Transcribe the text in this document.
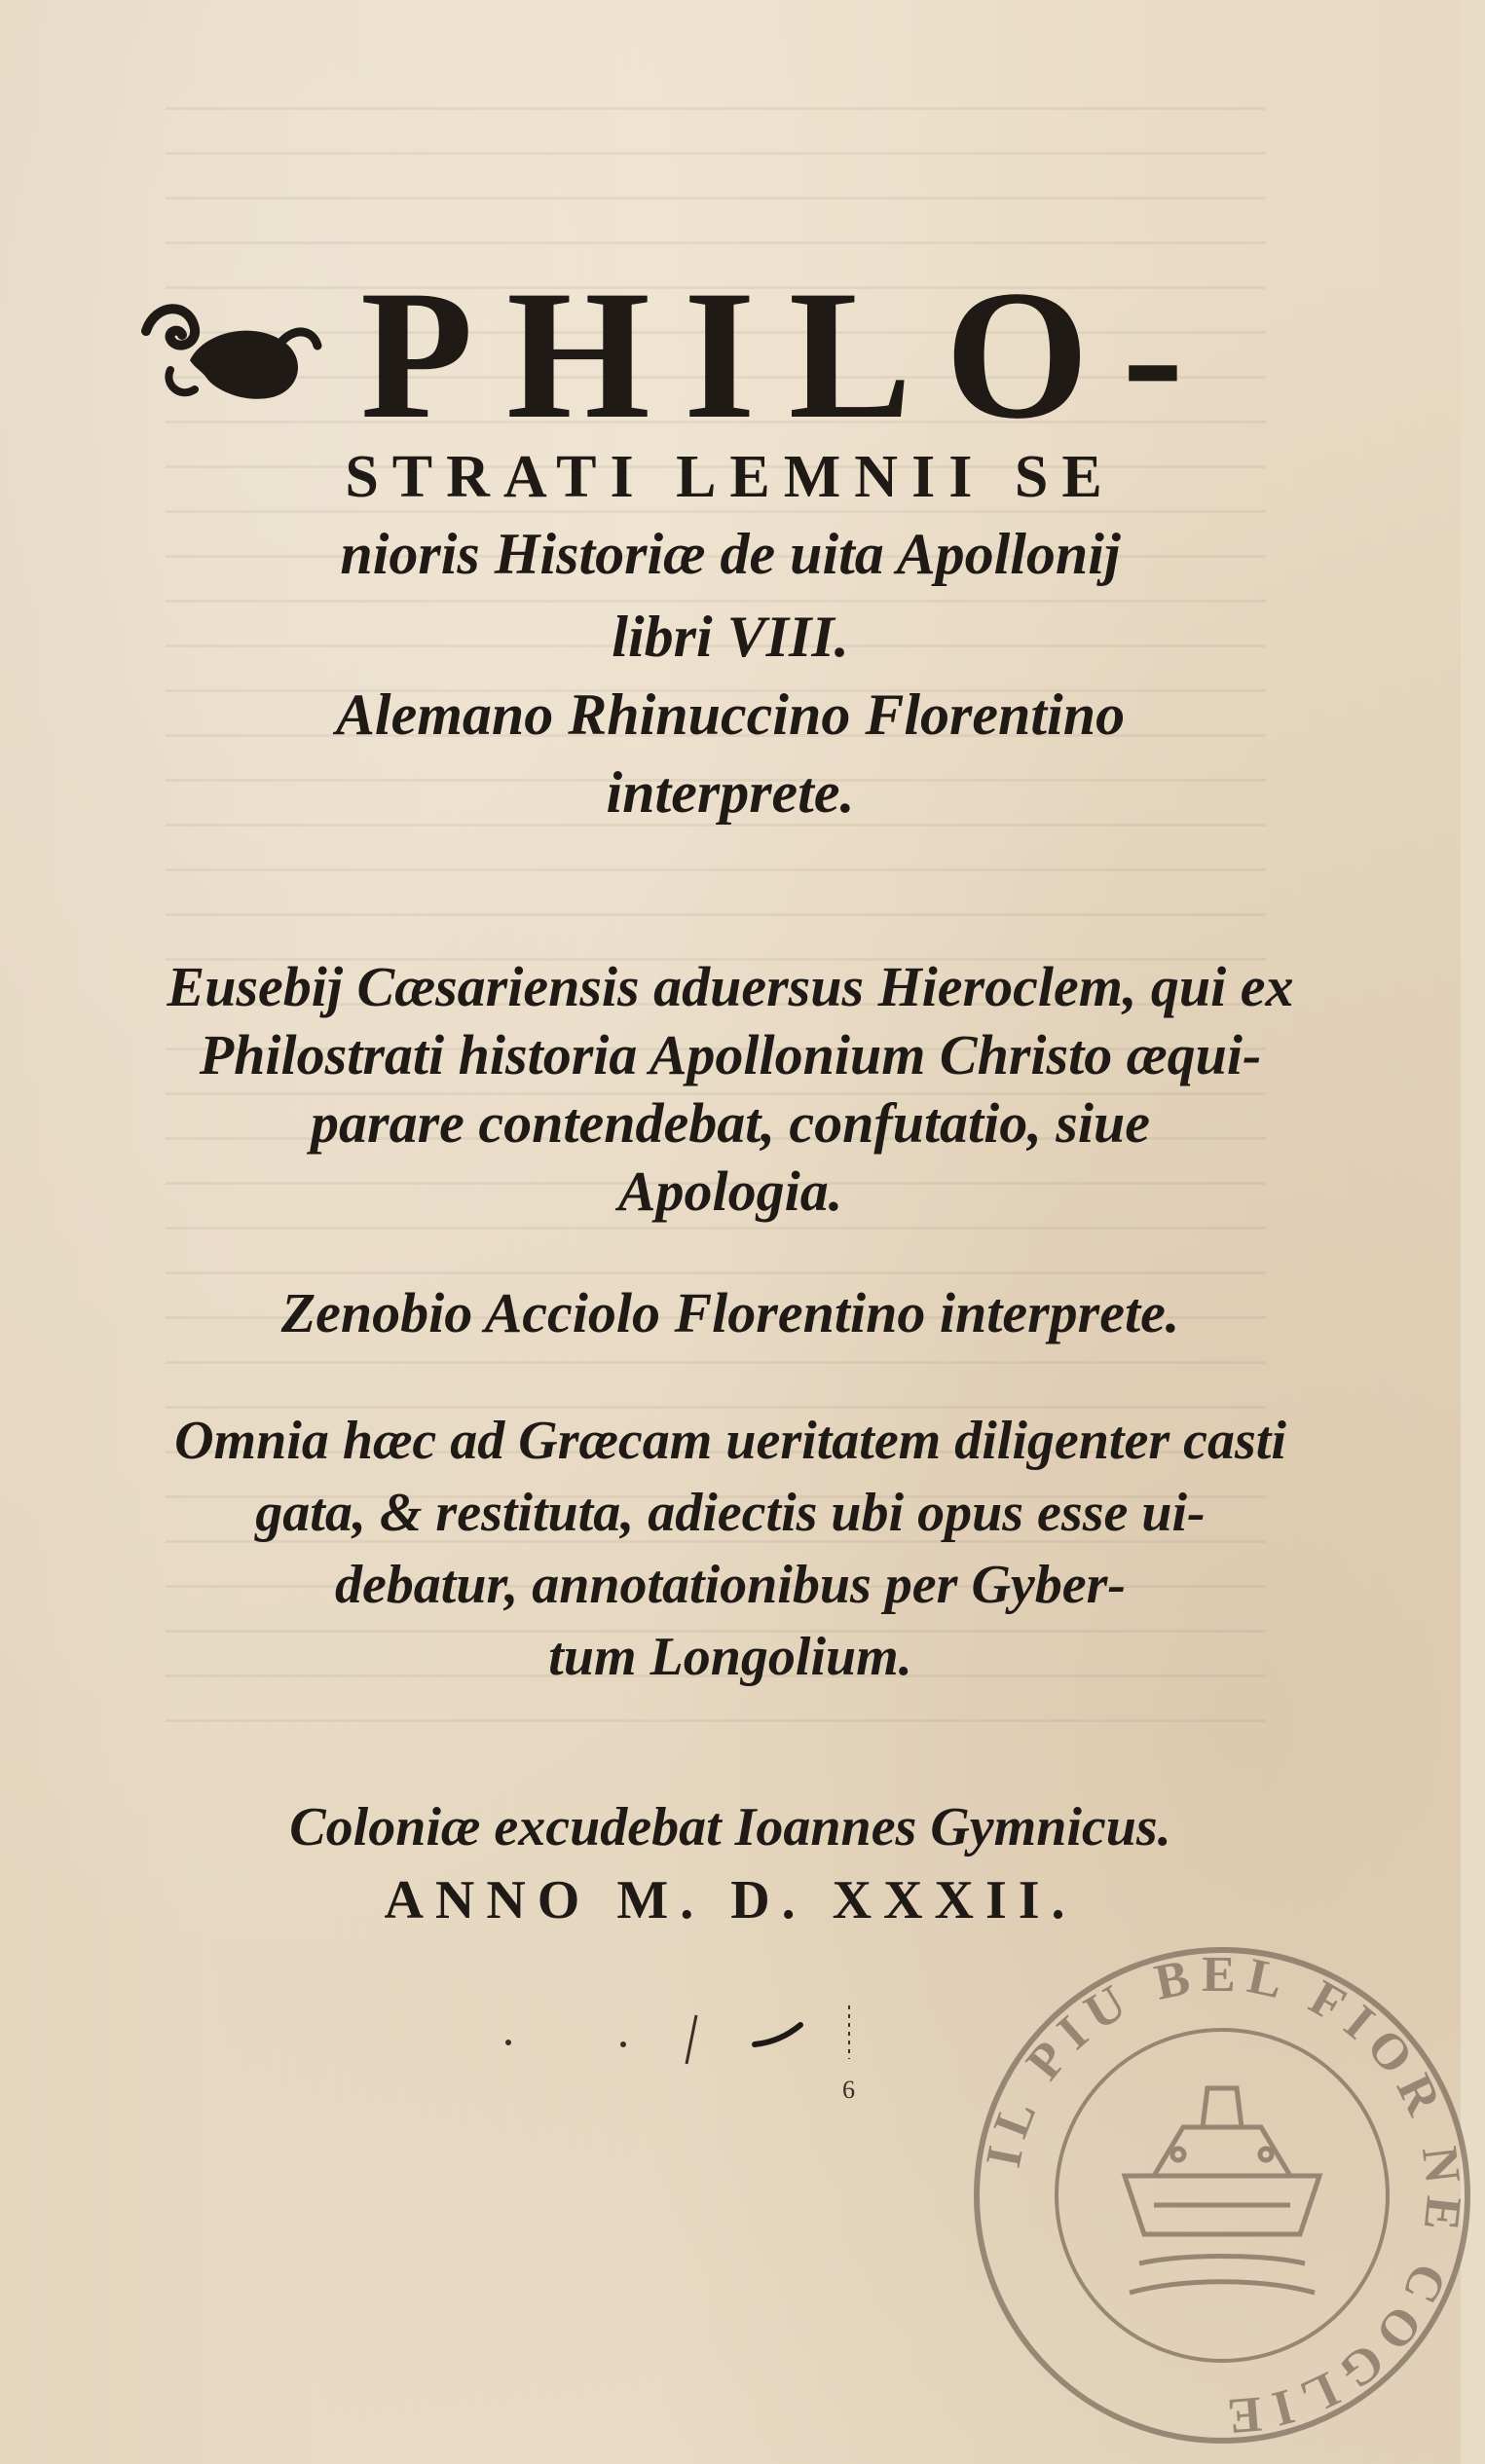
PHILO-
STRATI LEMNII SE
nioris Historiæ de uita Apollonij
libri VIII.
Alemano Rhinuccino Florentino
interprete.
Eusebij Cæsariensis aduersus Hieroclem, qui ex
Philostrati historia Apollonium Christo æqui-
parare contendebat, confutatio, siue
Apologia.
Zenobio Acciolo Florentino interprete.
Omnia hæc ad Græcam ueritatem diligenter casti
gata, & restituta, adiectis ubi opus esse ui-
debatur, annotationibus per Gyber-
tum Longolium.
Coloniæ excudebat Ioannes Gymnicus.
ANNO M. D. XXXII.
6
IL PIU BEL FIOR NE COGLIE
